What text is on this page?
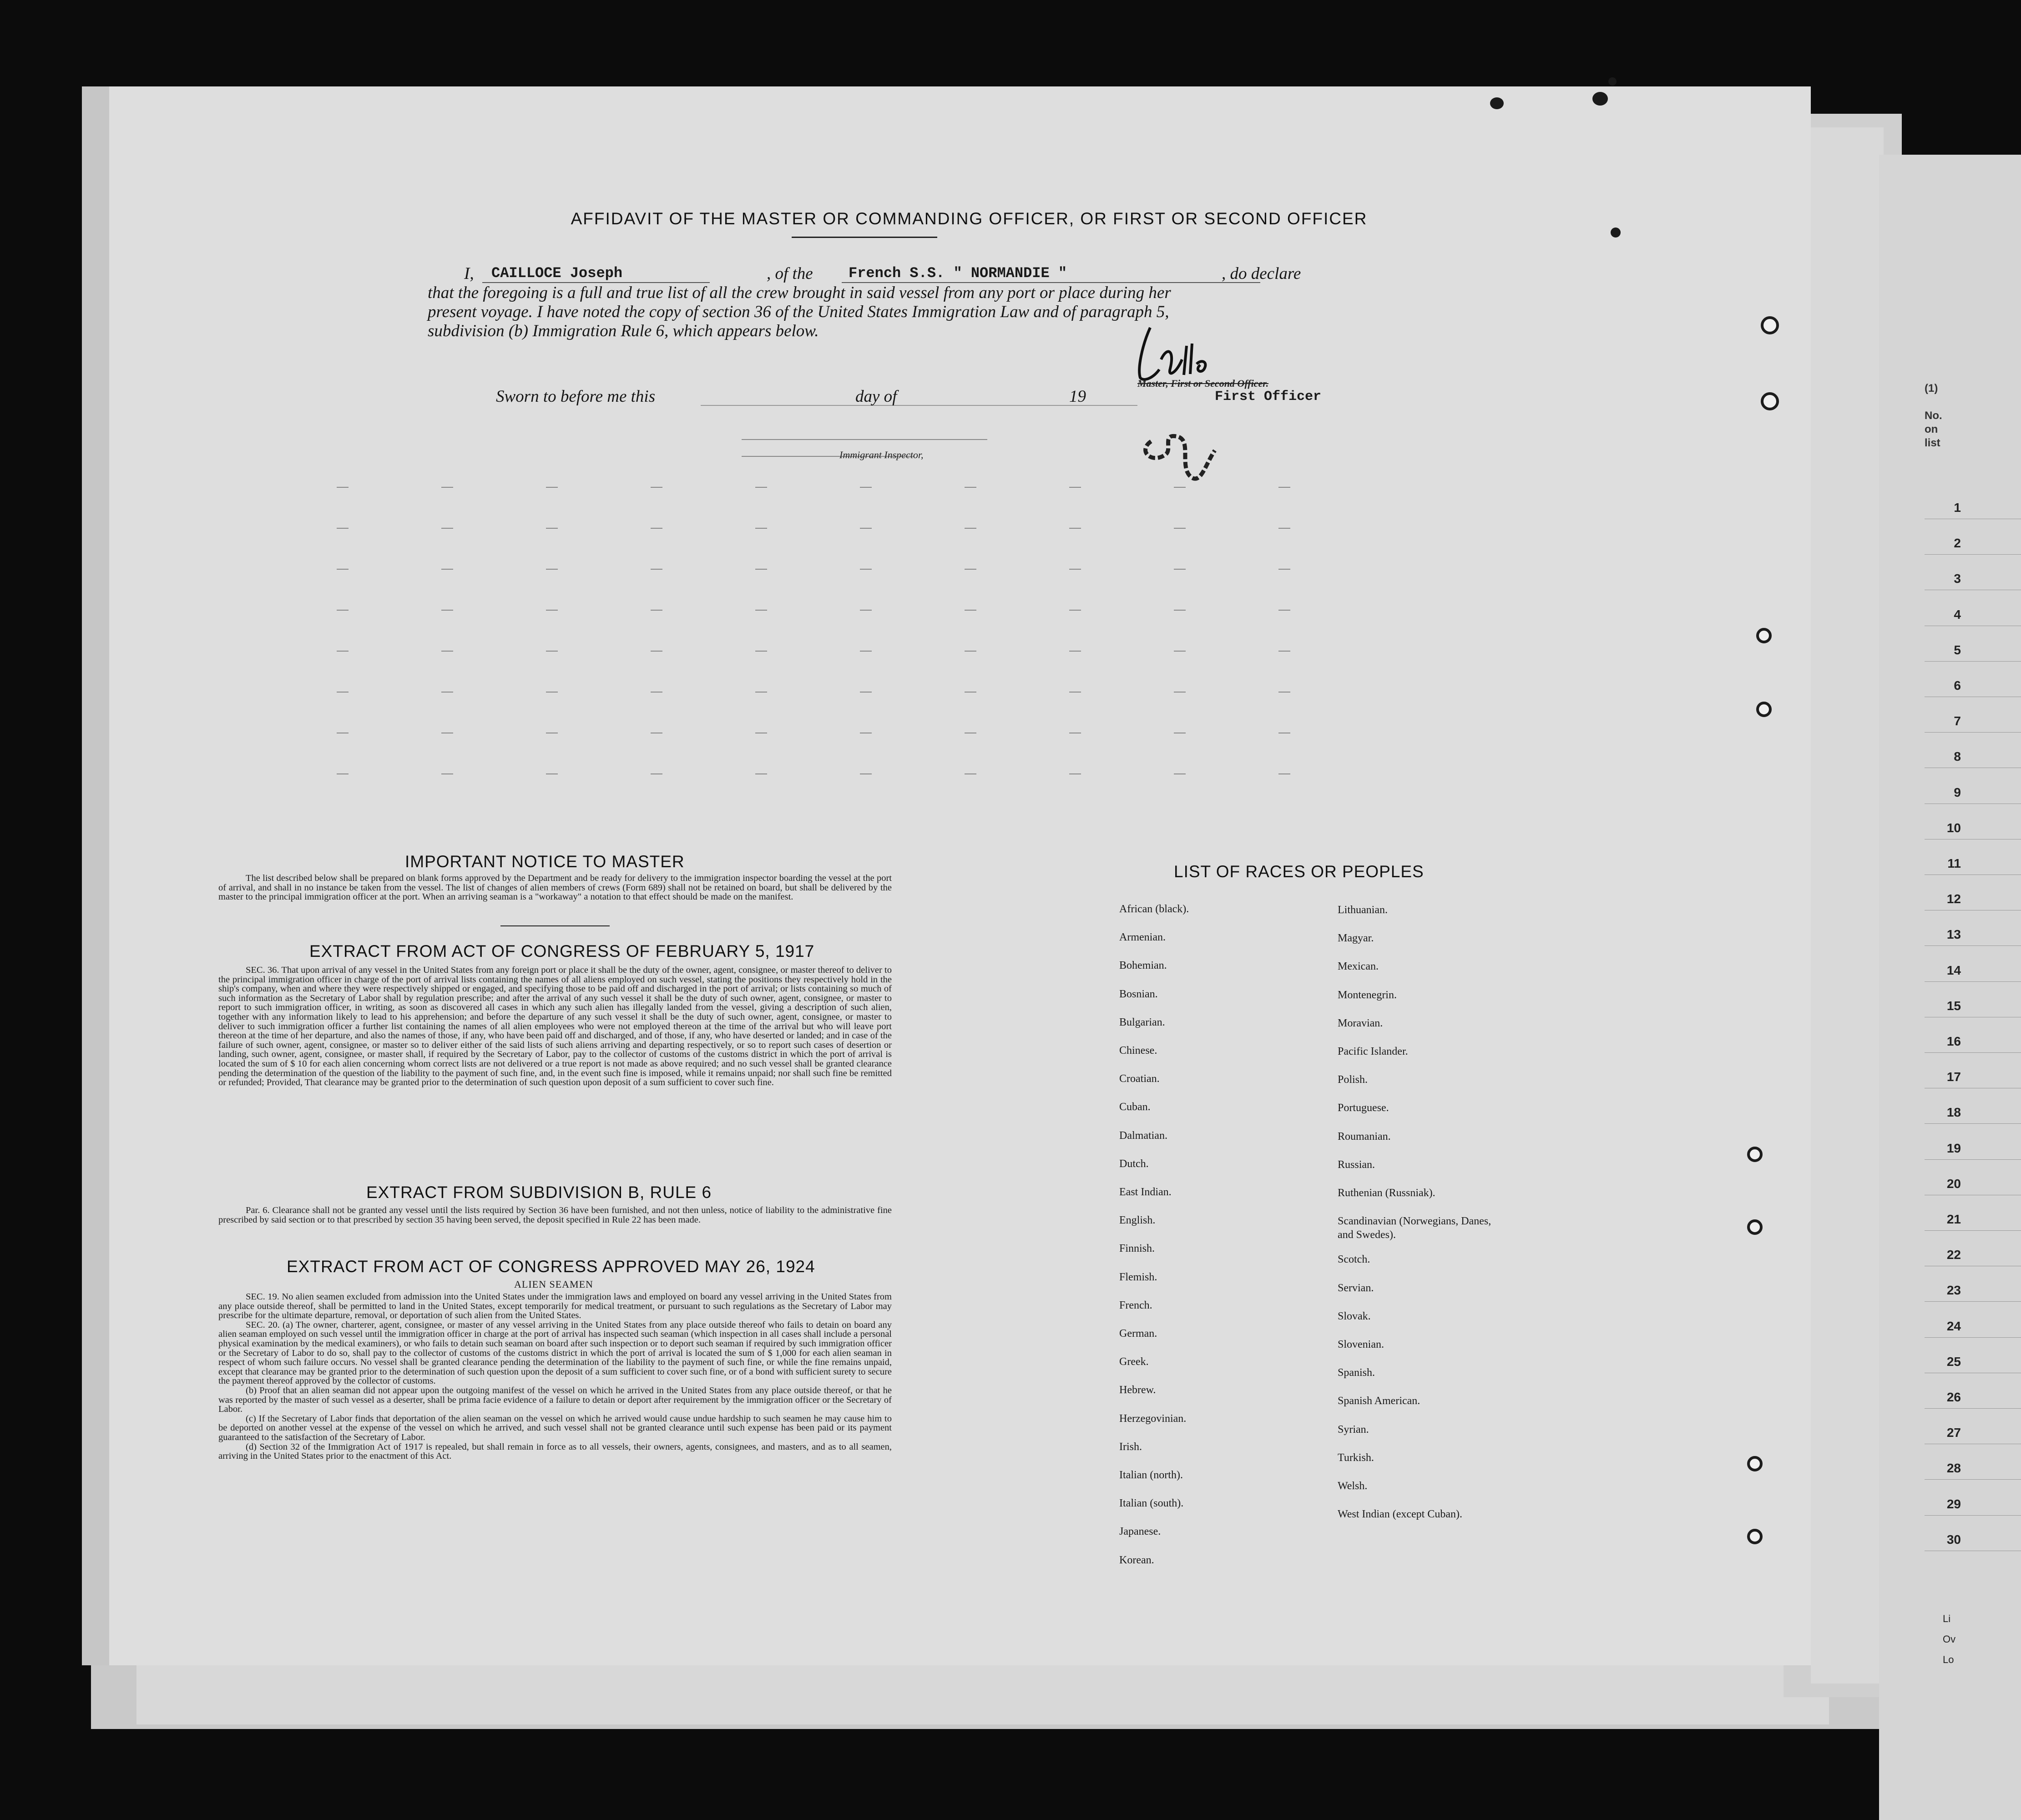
(1)
No.
on
list
1
2
3
4
5
6
7
8
9
10
11
12
13
14
15
16
17
18
19
20
21
22
23
24
25
26
27
28
29
30
Li
Ov
Lo
AFFIDAVIT OF THE MASTER OR COMMANDING OFFICER, OR FIRST OR SECOND OFFICER
I, CAILLOCE Joseph	, of the French S.S. " NORMANDIE "	, do declare
that the foregoing is a full and true list of all the crew brought in said vessel from any port or place during her
present voyage. I have noted the copy of section 36 of the United States Immigration Law and of paragraph 5,
subdivision (b) Immigration Rule 6, which appears below.
Sworn to before me this	day of	19
Master, First or Second Officer.
First Officer
Immigrant Inspector,
IMPORTANT NOTICE TO MASTER

The list described below shall be prepared on blank forms approved by the Department and be ready for delivery to the immigration inspector boarding the vessel at the port of arrival, and shall in no instance be taken from the vessel. The list of changes of alien members of crews (Form 689) shall not be retained on board, but shall be delivered by the master to the principal immigration officer at the port. When an arriving seaman is a "workaway" a notation to that effect should be made on the manifest.

EXTRACT FROM ACT OF CONGRESS OF FEBRUARY 5, 1917

SEC. 36. That upon arrival of any vessel in the United States from any foreign port or place it shall be the duty of the owner, agent, consignee, or master thereof to deliver to the principal immigration officer in charge of the port of arrival lists containing the names of all aliens employed on such vessel, stating the positions they respectively hold in the ship's company, when and where they were respectively shipped or engaged, and specifying those to be paid off and discharged in the port of arrival; or lists containing so much of such information as the Secretary of Labor shall by regulation prescribe; and after the arrival of any such vessel it shall be the duty of such owner, agent, consignee, or master to report to such immigration officer, in writing, as soon as discovered all cases in which any such alien has illegally landed from the vessel, giving a description of such alien, together with any information likely to lead to his apprehension; and before the departure of any such vessel it shall be the duty of such owner, agent, consignee, or master to deliver to such immigration officer a further list containing the names of all alien employees who were not employed thereon at the time of the arrival but who will leave port thereon at the time of her departure, and also the names of those, if any, who have been paid off and discharged, and of those, if any, who have deserted or landed; and in case of the failure of such owner, agent, consignee, or master so to deliver either of the said lists of such aliens arriving and departing respectively, or so to report such cases of desertion or landing, such owner, agent, consignee, or master shall, if required by the Secretary of Labor, pay to the collector of customs of the customs district in which the port of arrival is located the sum of $ 10 for each alien concerning whom correct lists are not delivered or a true report is not made as above required; and no such vessel shall be granted clearance pending the determination of the question of the liability to the payment of such fine, and, in the event such fine is imposed, while it remains unpaid; nor shall such fine be remitted or refunded; Provided, That clearance may be granted prior to the determination of such question upon deposit of a sum sufficient to cover such fine.

EXTRACT FROM SUBDIVISION B, RULE 6

Par. 6. Clearance shall not be granted any vessel until the lists required by Section 36 have been furnished, and not then unless, notice of liability to the administrative fine prescribed by said section or to that prescribed by section 35 having been served, the deposit specified in Rule 22 has been made.

EXTRACT FROM ACT OF CONGRESS APPROVED MAY 26, 1924
ALIEN SEAMEN

SEC. 19. No alien seamen excluded from admission into the United States under the immigration laws and employed on board any vessel arriving in the United States from any place outside thereof, shall be permitted to land in the United States, except temporarily for medical treatment, or pursuant to such regulations as the Secretary of Labor may prescribe for the ultimate departure, removal, or deportation of such alien from the United States.

SEC. 20. (a) The owner, charterer, agent, consignee, or master of any vessel arriving in the United States from any place outside thereof who fails to detain on board any alien seaman employed on such vessel until the immigration officer in charge at the port of arrival has inspected such seaman (which inspection in all cases shall include a personal physical examination by the medical examiners), or who fails to detain such seaman on board after such inspection or to deport such seaman if required by such immigration officer or the Secretary of Labor to do so, shall pay to the collector of customs of the customs district in which the port of arrival is located the sum of $ 1,000 for each alien seaman in respect of whom such failure occurs. No vessel shall be granted clearance pending the determination of the liability to the payment of such fine, or while the fine remains unpaid, except that clearance may be granted prior to the determination of such question upon the deposit of a sum sufficient to cover such fine, or of a bond with sufficient surety to secure the payment thereof approved by the collector of customs.

(b) Proof that an alien seaman did not appear upon the outgoing manifest of the vessel on which he arrived in the United States from any place outside thereof, or that he was reported by the master of such vessel as a deserter, shall be prima facie evidence of a failure to detain or deport after requirement by the immigration officer or the Secretary of Labor.

(c) If the Secretary of Labor finds that deportation of the alien seaman on the vessel on which he arrived would cause undue hardship to such seamen he may cause him to be deported on another vessel at the expense of the vessel on which he arrived, and such vessel shall not be granted clearance until such expense has been paid or its payment guaranteed to the satisfaction of the Secretary of Labor.

(d) Section 32 of the Immigration Act of 1917 is repealed, but shall remain in force as to all vessels, their owners, agents, consignees, and masters, and as to all seamen, arriving in the United States prior to the enactment of this Act.

LIST OF RACES OR PEOPLES
African (black).
Armenian.
Bohemian.
Bosnian.
Bulgarian.
Chinese.
Croatian.
Cuban.
Dalmatian.
Dutch.
East Indian.
English.
Finnish.
Flemish.
French.
German.
Greek.
Hebrew.
Herzegovinian.
Irish.
Italian (north).
Italian (south).
Japanese.
Korean.
Lithuanian.
Magyar.
Mexican.
Montenegrin.
Moravian.
Pacific Islander.
Polish.
Portuguese.
Roumanian.
Russian.
Ruthenian (Russniak).
Scandinavian (Norwegians, Danes, and Swedes).
Scotch.
Servian.
Slovak.
Slovenian.
Spanish.
Spanish American.
Syrian.
Turkish.
Welsh.
West Indian (except Cuban).
